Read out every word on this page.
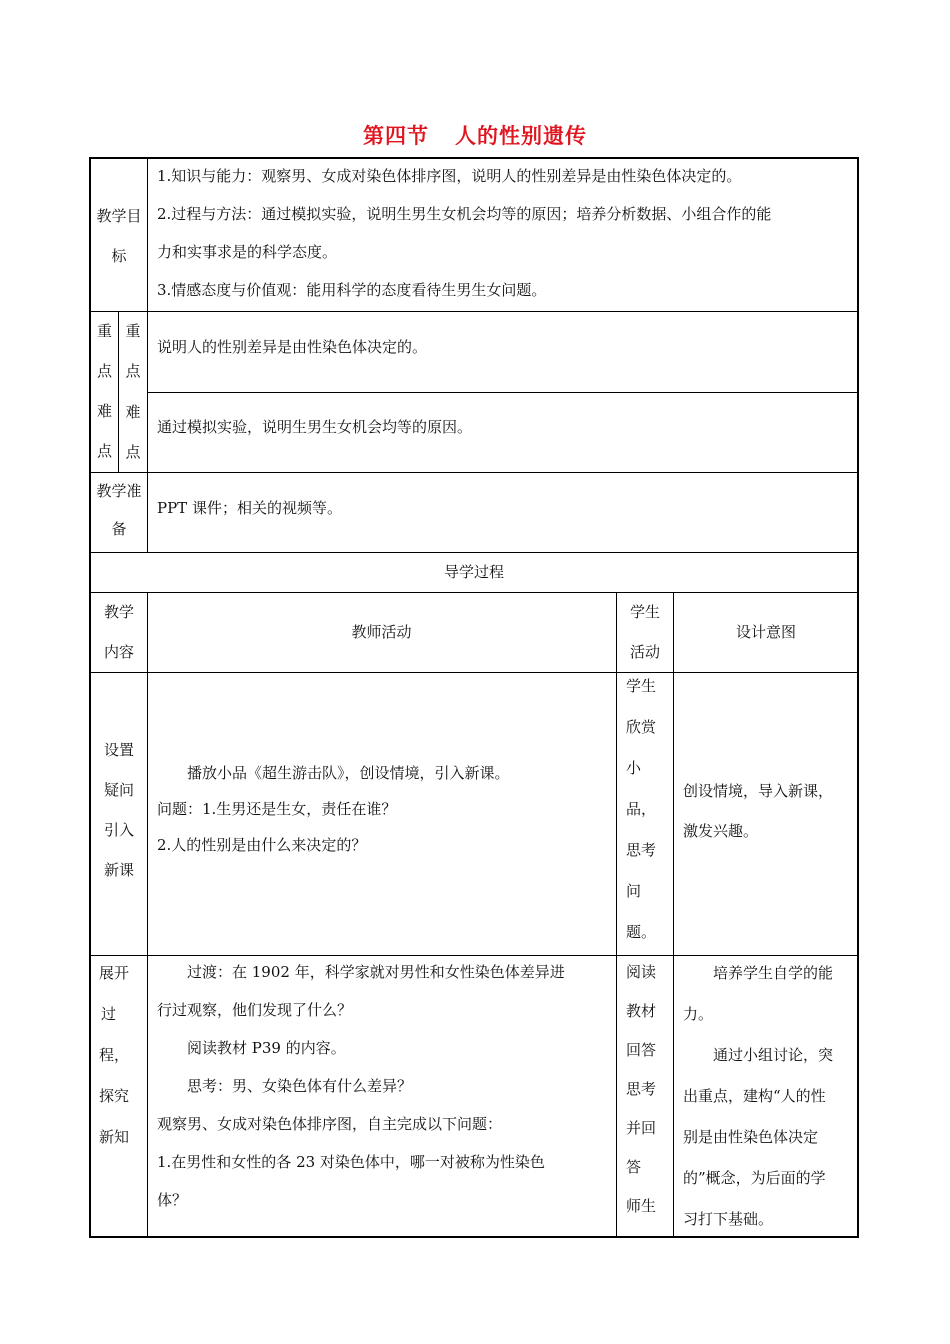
第四节 人的性别遗传
教学目
标

1.知识与能力：观察男、女成对染色体排序图，说明人的性别差异是由性染色体决定的。

2.过程与方法：通过模拟实验，说明生男生女机会均等的原因；培养分析数据、小组合作的能

力和实事求是的科学态度。

3.情感态度与价值观：能用科学的态度看待生男生女问题。

重
点
难
点
重
点
说明人的性别差异是由性染色体决定的。
难
点
通过模拟实验，说明生男生女机会均等的原因。
教学准
备
PPT 课件；相关的视频等。
导学过程
教学
内容
教师活动
学生
活动
设计意图
设置
疑问
引入
新课
播放小品《超生游击队》，创设情境，引入新课。
问题：1.生男还是生女，责任在谁？
2.人的性别是由什么来决定的？
学生
欣赏
小
品，
思考
问
题。
创设情境，导入新课，
激发兴趣。
展开
过
程，
探究
新知
过渡：在 1902 年，科学家就对男性和女性染色体差异进
行过观察，他们发现了什么？
阅读教材 P39 的内容。
思考：男、女染色体有什么差异？
观察男、女成对染色体排序图，自主完成以下问题：
1.在男性和女性的各 23 对染色体中，哪一对被称为性染色
体？
阅读
教材
回答
思考
并回
答
师生
培养学生自学的能
力。
通过小组讨论，突
出重点，建构“人的性
别是由性染色体决定
的”概念，为后面的学
习打下基础。
